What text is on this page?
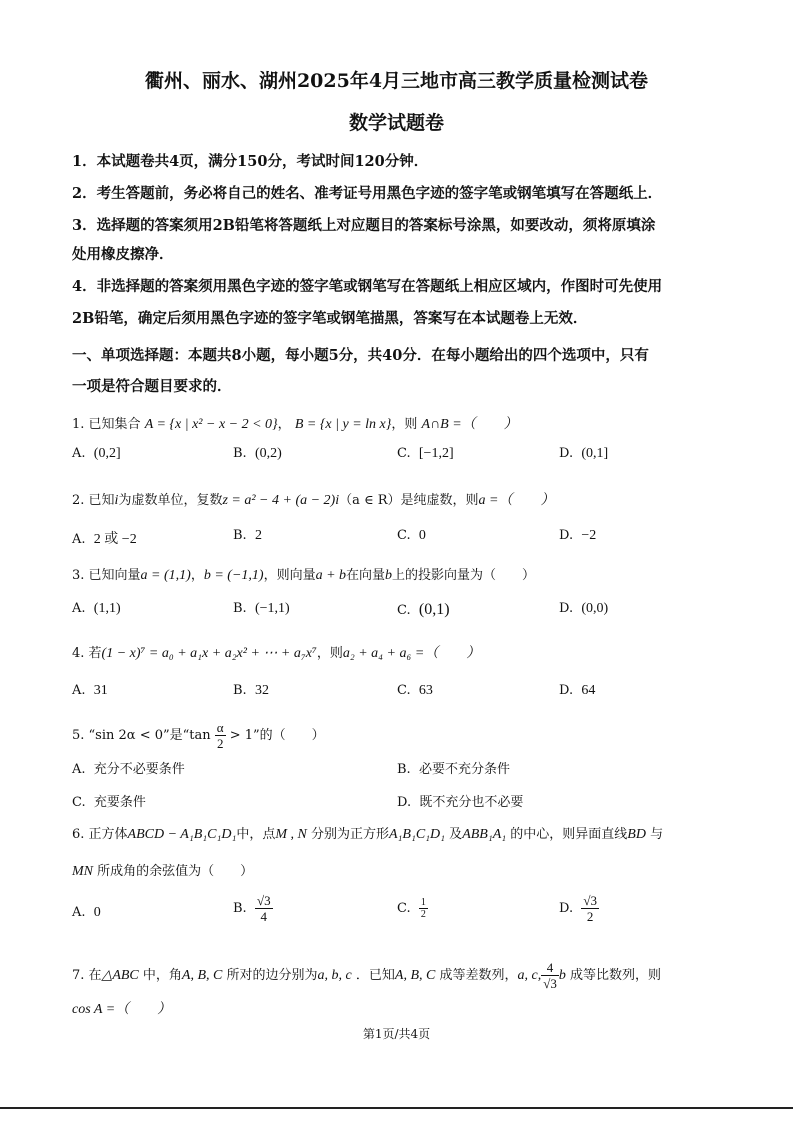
衢州、丽水、湖州2025年4月三地市高三教学质量检测试卷
数学试题卷
1．本试题卷共4页，满分150分，考试时间120分钟．
2．考生答题前，务必将自己的姓名、准考证号用黑色字迹的签字笔或钢笔填写在答题纸上．
3．选择题的答案须用2B铅笔将答题纸上对应题目的答案标号涂黑，如要改动，须将原填涂
处用橡皮擦净．
4．非选择题的答案须用黑色字迹的签字笔或钢笔写在答题纸上相应区域内，作图时可先使用
2B铅笔，确定后须用黑色字迹的签字笔或钢笔描黑，答案写在本试题卷上无效．
一、单项选择题：本题共8小题，每小题5分，共40分．在每小题给出的四个选项中，只有
一项是符合题目要求的．
1. 已知集合 A = {x | x² − x − 2 < 0}， B = {x | y = ln x}，则 A∩B =（　　）
A. (0,2]	B. (0,2)	C. [−1,2]	D. (0,1]
2. 已知i为虚数单位，复数z = a² − 4 + (a − 2)i（a ∈ R）是纯虚数，则a =（　　）
A. 2 或 −2	B. 2	C. 0	D. −2
3. 已知向量a = (1,1)，b = (−1,1)，则向量a + b在向量b上的投影向量为（　　）
A. (1,1)	B. (−1,1)	C. (0,1)	D. (0,0)
4. 若(1 − x)⁷ = a₀ + a₁x + a₂x² + ⋯ + a₇x⁷，则a₂ + a₄ + a₆ =（　　）
A. 31	B. 32	C. 63	D. 64
5. “sin 2α < 0”是“$\tan \frac{\alpha}{2} > 1$”的（　　）
A. 充分不必要条件	B. 必要不充分条件
C. 充要条件	D. 既不充分也不必要
6. 正方体ABCD − A₁B₁C₁D₁中，点M , N 分别为正方形A₁B₁C₁D₁ 及ABB₁A₁ 的中心，则异面直线BD 与
MN 所成角的余弦值为（　　）
A. 0	B. $\frac{√3}{4}$	C. $\frac{1}{2}$	D. $\frac{√3}{2}$
7. 在△ABC 中，角A, B, C 所对的边分别为a, b, c ．已知A, B, C 成等差数列，a, c, $\frac{4}{√3}$ b 成等比数列，则
cos A =（　　）
第1页/共4页
